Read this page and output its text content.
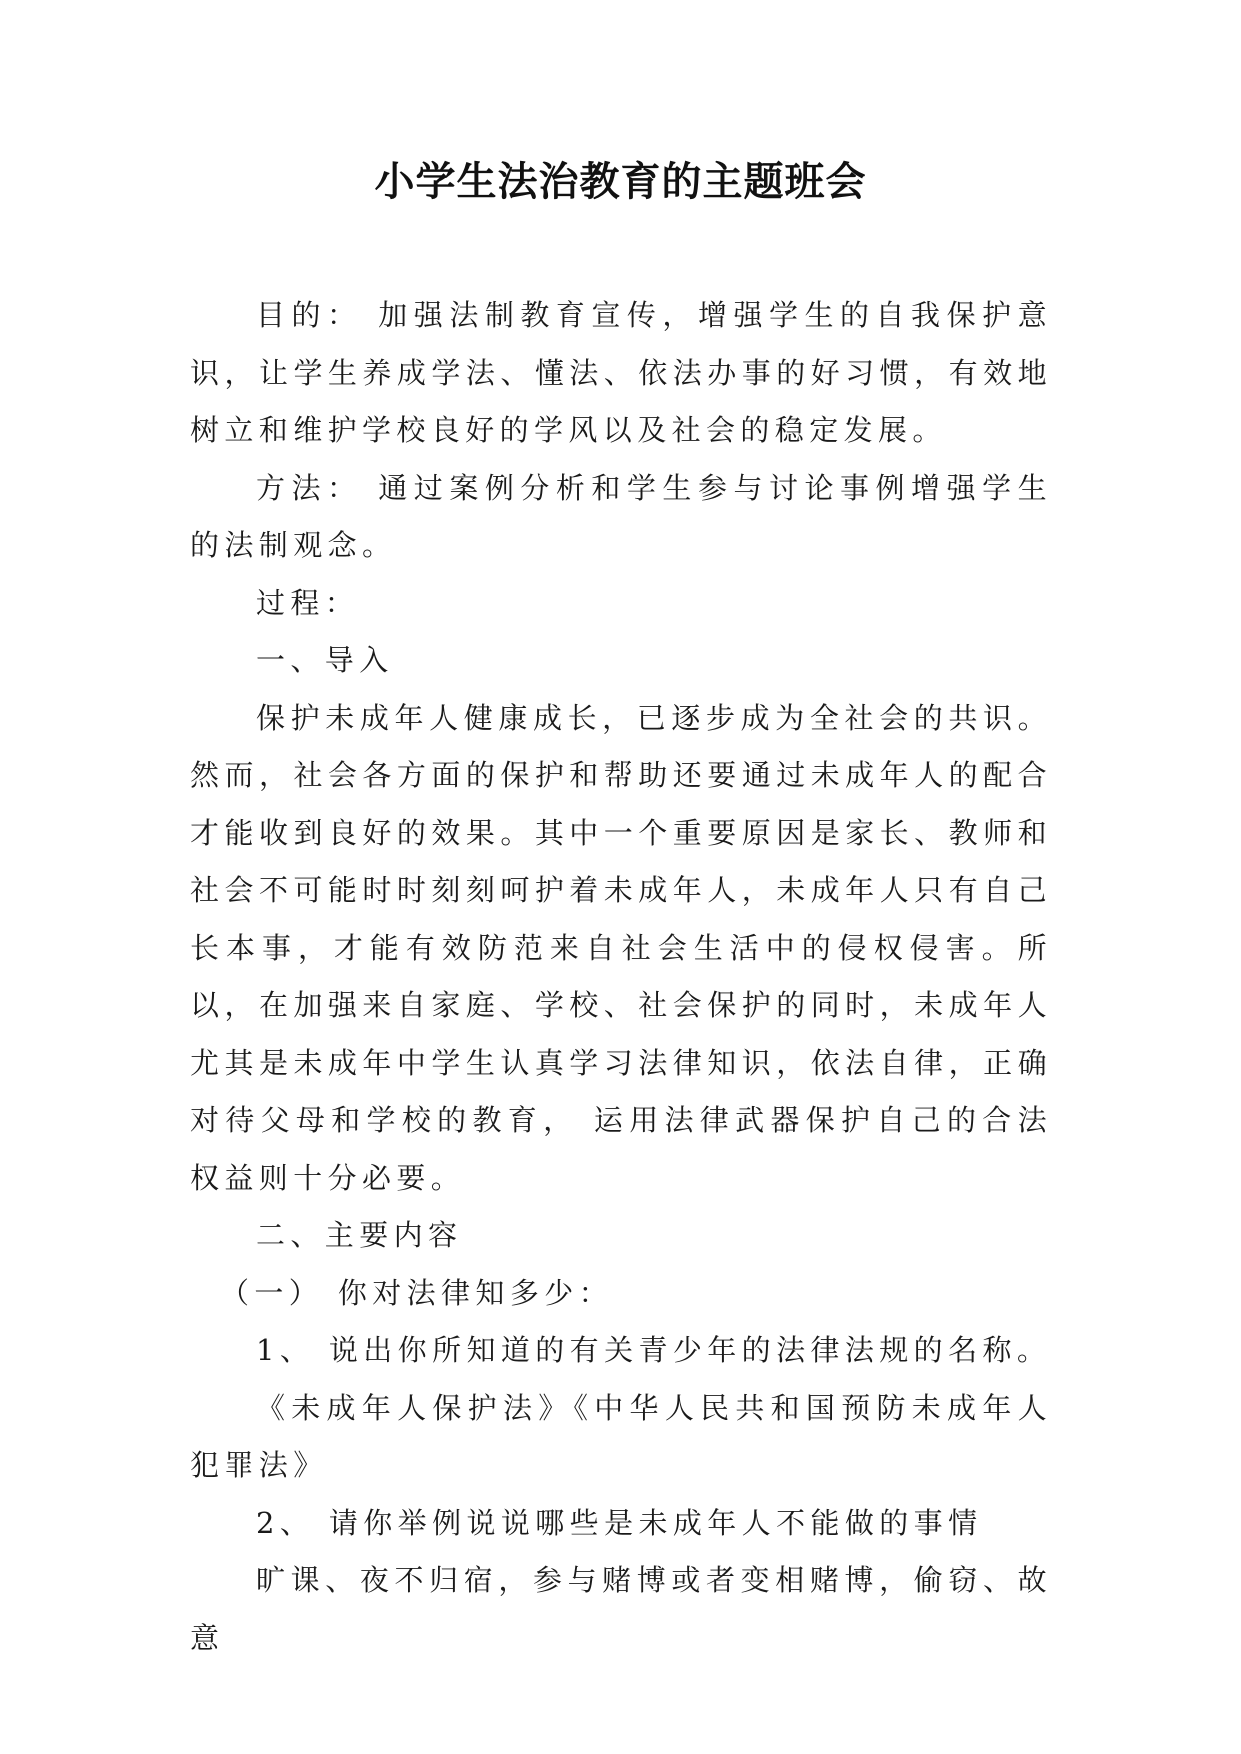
小学生法治教育的主题班会

目的： 加强法制教育宣传，增强学生的自我保护意识，让学生养成学法、懂法、依法办事的好习惯，有效地树立和维护学校良好的学风以及社会的稳定发展。

方法： 通过案例分析和学生参与讨论事例增强学生的法制观念。

过程：

一、导入

保护未成年人健康成长，已逐步成为全社会的共识。然而，社会各方面的保护和帮助还要通过未成年人的配合才能收到良好的效果。其中一个重要原因是家长、教师和社会不可能时时刻刻呵护着未成年人，未成年人只有自己长本事，才能有效防范来自社会生活中的侵权侵害。所以，在加强来自家庭、学校、社会保护的同时，未成年人尤其是未成年中学生认真学习法律知识，依法自律，正确对待父母和学校的教育， 运用法律武器保护自己的合法权益则十分必要。

二、主要内容

（一） 你对法律知多少：

1、 说出你所知道的有关青少年的法律法规的名称。

《未成年人保护法》《中华人民共和国预防未成年人犯罪法》

2、 请你举例说说哪些是未成年人不能做的事情

旷课、夜不归宿，参与赌博或者变相赌博，偷窃、故意
